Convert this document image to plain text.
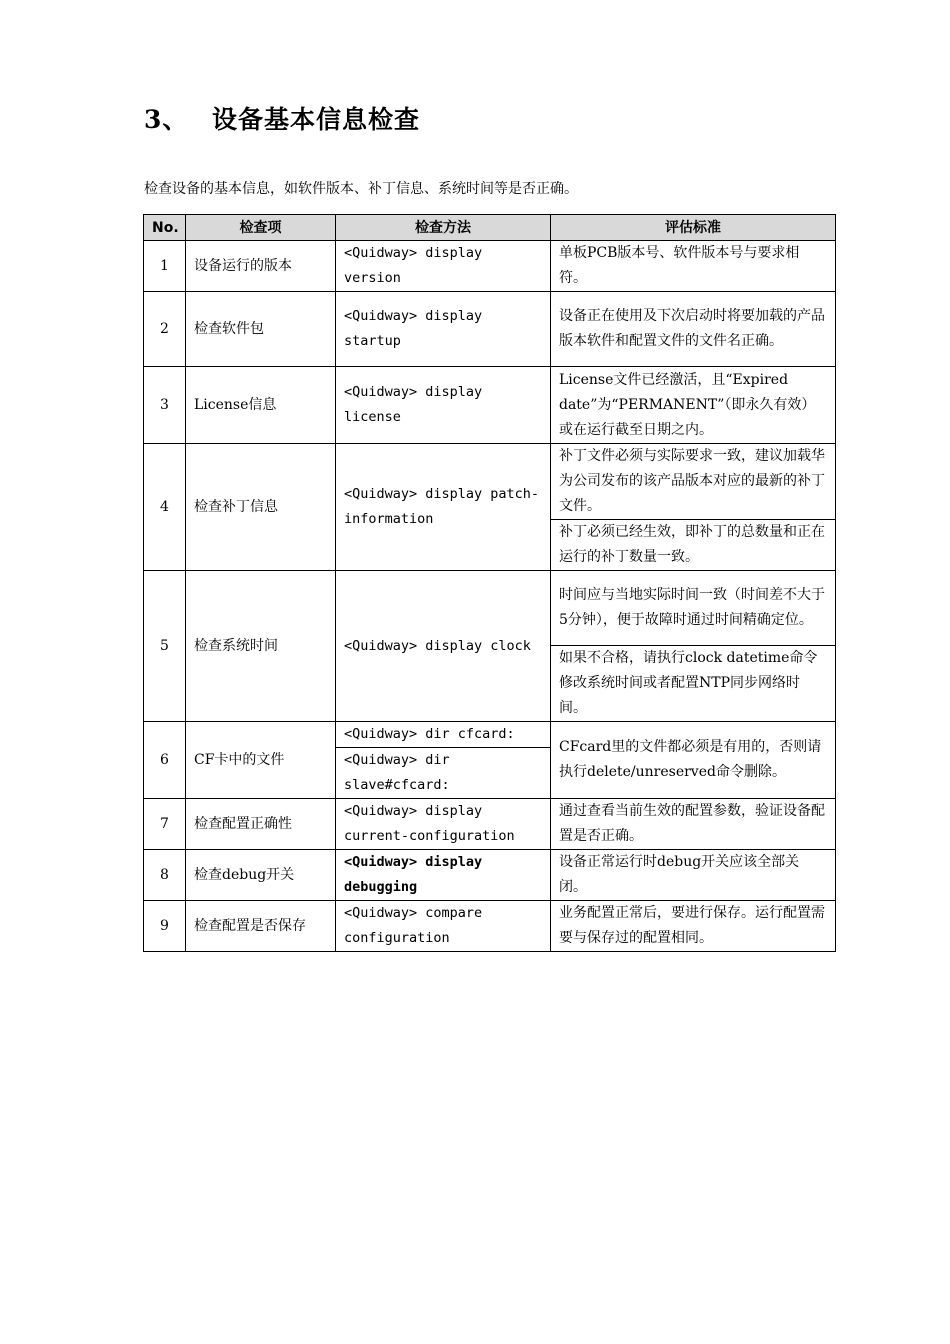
3、 设备基本信息检查
检查设备的基本信息，如软件版本、补丁信息、系统时间等是否正确。
No.	检查项	检查方法	评估标准
1	设备运行的版本	<Quidway> display version	单板PCB版本号、软件版本号与要求相符。
2	检查软件包	<Quidway> display startup	设备正在使用及下次启动时将要加载的产品版本软件和配置文件的文件名正确。
3	License信息	<Quidway> display license	License文件已经激活，且“Expired date”为“PERMANENT”（即永久有效）或在运行截至日期之内。
4	检查补丁信息	<Quidway> display patch-information	补丁文件必须与实际要求一致，建议加载华为公司发布的该产品版本对应的最新的补丁文件。
			补丁必须已经生效，即补丁的总数量和正在运行的补丁数量一致。
5	检查系统时间	<Quidway> display clock	时间应与当地实际时间一致（时间差不大于5分钟），便于故障时通过时间精确定位。
			如果不合格，请执行clock datetime命令修改系统时间或者配置NTP同步网络时间。
6	CF卡中的文件	<Quidway> dir cfcard:	CFcard里的文件都必须是有用的，否则请执行delete/unreserved命令删除。
		<Quidway> dir slave#cfcard:	
7	检查配置正确性	<Quidway> display current-configuration	通过查看当前生效的配置参数，验证设备配置是否正确。
8	检查debug开关	<Quidway> display debugging	设备正常运行时debug开关应该全部关闭。
9	检查配置是否保存	<Quidway> compare configuration	业务配置正常后，要进行保存。运行配置需要与保存过的配置相同。
